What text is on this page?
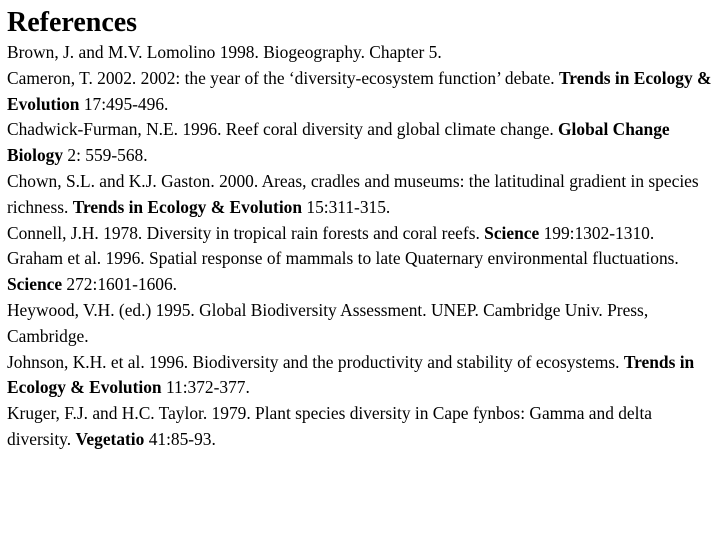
References
Brown, J. and M.V. Lomolino 1998. Biogeography. Chapter 5.
Cameron, T. 2002. 2002: the year of the ‘diversity-ecosystem function’ debate. Trends in Ecology & Evolution 17:495-496.
Chadwick-Furman, N.E. 1996. Reef coral diversity and global climate change. Global Change Biology 2: 559-568.
Chown, S.L. and K.J. Gaston. 2000. Areas, cradles and museums: the latitudinal gradient in species richness. Trends in Ecology & Evolution 15:311-315.
Connell, J.H. 1978. Diversity in tropical rain forests and coral reefs. Science 199:1302-1310.
Graham et al. 1996. Spatial response of mammals to late Quaternary environmental fluctuations. Science 272:1601-1606.
Heywood, V.H. (ed.) 1995. Global Biodiversity Assessment. UNEP. Cambridge Univ. Press, Cambridge.
Johnson, K.H. et al. 1996. Biodiversity and the productivity and stability of ecosystems. Trends in Ecology & Evolution 11:372-377.
Kruger, F.J. and H.C. Taylor. 1979. Plant species diversity in Cape fynbos: Gamma and delta diversity. Vegetatio 41:85-93.
